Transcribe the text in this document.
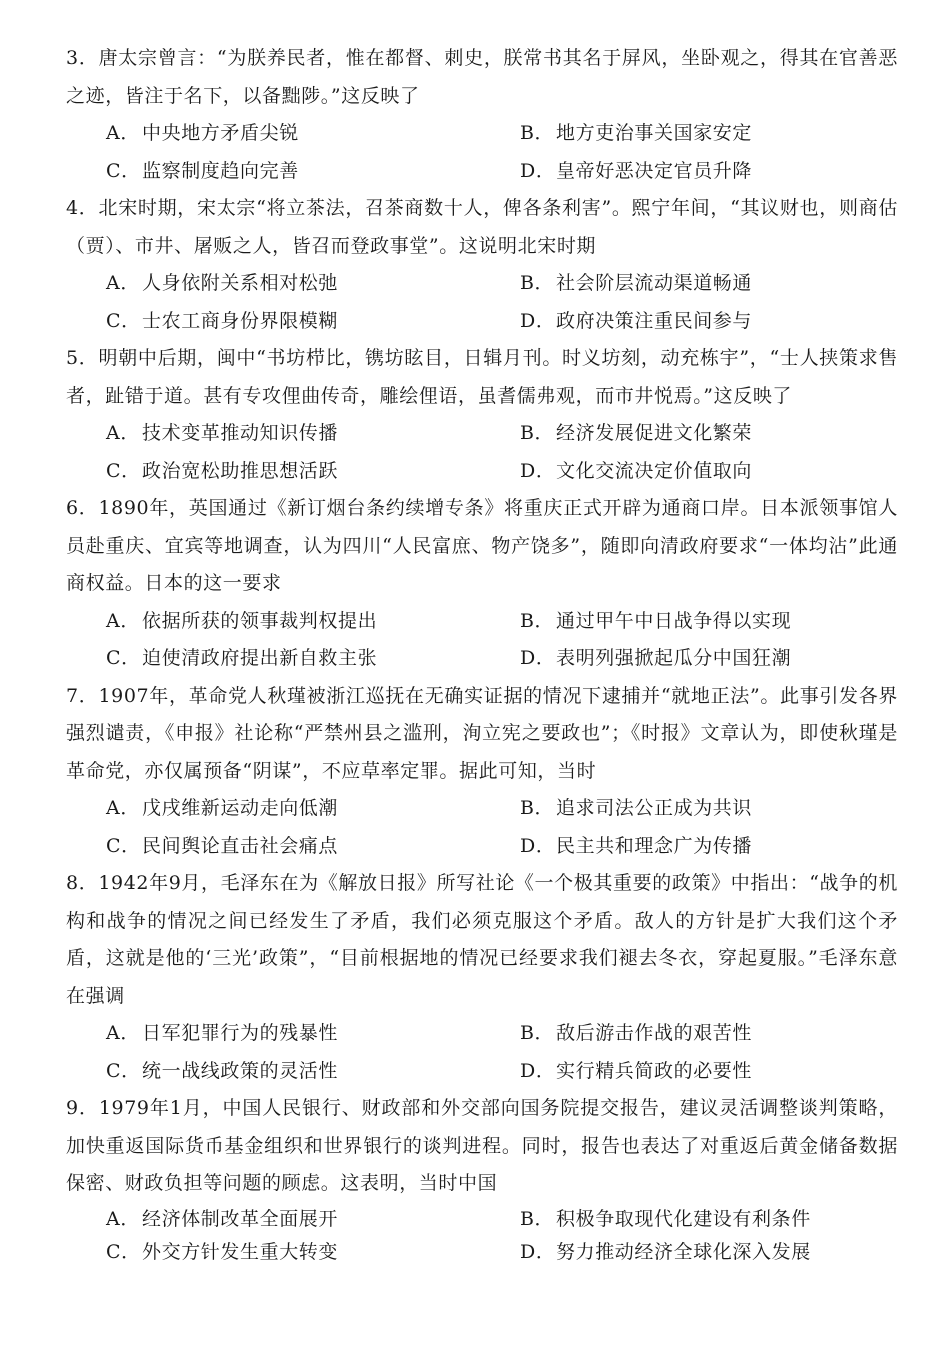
3．唐太宗曾言：“为朕养民者，惟在都督、刺史，朕常书其名于屏风，坐卧观之，得其在官善恶之迹，皆注于名下，以备黜陟。”这反映了

A． 中央地方矛盾尖锐	B．地方吏治事关国家安定
C．监察制度趋向完善	D．皇帝好恶决定官员升降

4．北宋时期，宋太宗“将立茶法，召茶商数十人，俾各条利害”。熙宁年间，“其议财也，则商估（贾）、市井、屠贩之人，皆召而登政事堂”。这说明北宋时期

A． 人身依附关系相对松弛	B．社会阶层流动渠道畅通
C．士农工商身份界限模糊	D．政府决策注重民间参与

5．明朝中后期，闽中“书坊栉比，镌坊眩目，日辑月刊。时义坊刻，动充栋宇”，“士人挟策求售者，趾错于道。甚有专攻俚曲传奇，雕绘俚语，虽耆儒弗观，而市井悦焉。”这反映了

A． 技术变革推动知识传播	B．经济发展促进文化繁荣
C．政治宽松助推思想活跃	D．文化交流决定价值取向

6．1890年，英国通过《新订烟台条约续增专条》将重庆正式开辟为通商口岸。日本派领事馆人员赴重庆、宜宾等地调查，认为四川“人民富庶、物产饶多”，随即向清政府要求“一体均沾”此通商权益。日本的这一要求

A． 依据所获的领事裁判权提出	B．通过甲午中日战争得以实现
C．迫使清政府提出新自救主张	D．表明列强掀起瓜分中国狂潮

7．1907年，革命党人秋瑾被浙江巡抚在无确实证据的情况下逮捕并“就地正法”。此事引发各界强烈谴责，《申报》社论称“严禁州县之滥刑，洵立宪之要政也”；《时报》文章认为，即使秋瑾是革命党，亦仅属预备“阴谋”，不应草率定罪。据此可知，当时

A． 戊戌维新运动走向低潮	B．追求司法公正成为共识
C．民间舆论直击社会痛点	D．民主共和理念广为传播

8．1942年9月，毛泽东在为《解放日报》所写社论《一个极其重要的政策》中指出：“战争的机构和战争的情况之间已经发生了矛盾，我们必须克服这个矛盾。敌人的方针是扩大我们这个矛盾，这就是他的‘三光’政策”，“目前根据地的情况已经要求我们褪去冬衣，穿起夏服。”毛泽东意在强调

A． 日军犯罪行为的残暴性	B．敌后游击作战的艰苦性
C．统一战线政策的灵活性	D．实行精兵简政的必要性

9．1979年1月，中国人民银行、财政部和外交部向国务院提交报告，建议灵活调整谈判策略，加快重返国际货币基金组织和世界银行的谈判进程。同时，报告也表达了对重返后黄金储备数据保密、财政负担等问题的顾虑。这表明，当时中国

A． 经济体制改革全面展开	B．积极争取现代化建设有利条件
C．外交方针发生重大转变	D．努力推动经济全球化深入发展
